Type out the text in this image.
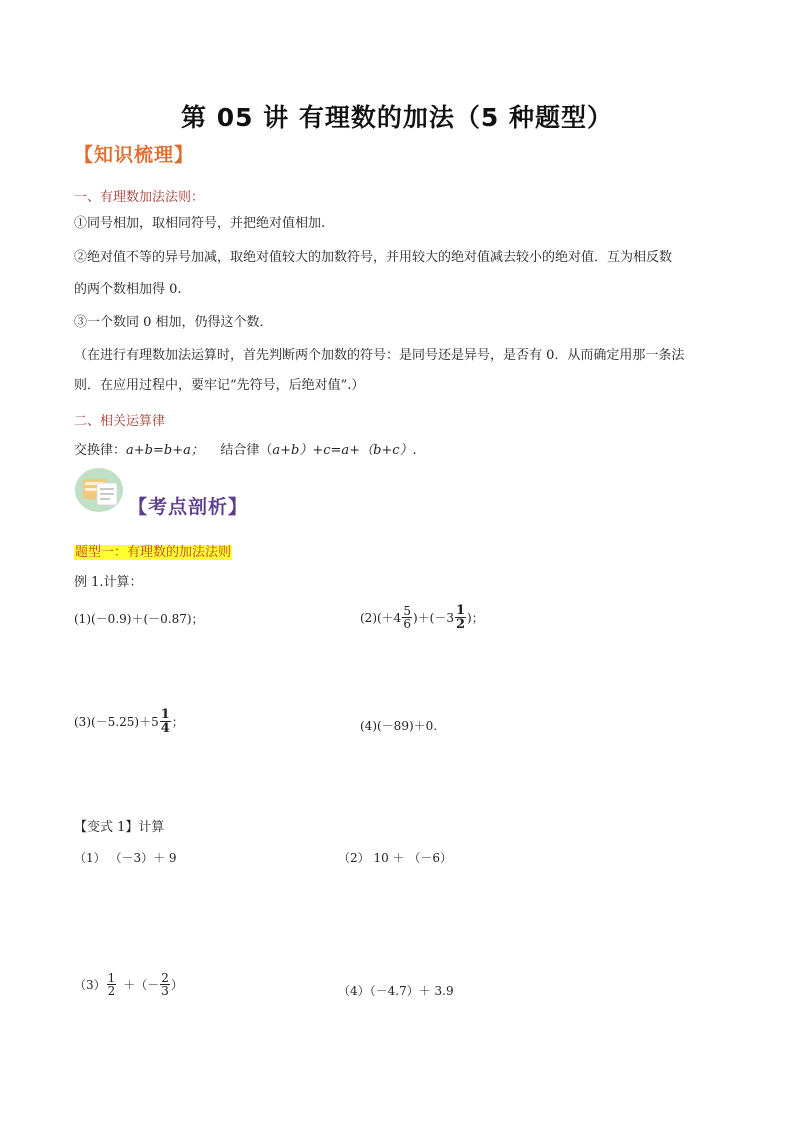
第 05 讲 有理数的加法（5 种题型）
【知识梳理】
一、有理数加法法则：
①同号相加，取相同符号，并把绝对值相加.
②绝对值不等的异号加减，取绝对值较大的加数符号，并用较大的绝对值减去较小的绝对值．互为相反数
的两个数相加得 0.
③一个数同 0 相加，仍得这个数．
（在进行有理数加法运算时，首先判断两个加数的符号：是同号还是异号，是否有 0．从而确定用那一条法
则．在应用过程中，要牢记“先符号，后绝对值”.）
二、相关运算律
交换律：a+b=b+a； 结合律（a+b）+c=a+（b+c）.
【考点剖析】
题型一：有理数的加法法则
例 1.计算：
(1)(－0.9)＋(－0.87)；	$(2)(+4 \frac{5}{6} )+(-3 \frac{1}{2}$ )；
$(3)(-5.25)+5 \frac{1}{4}$ ；	(4)(－89)＋0.
【变式 1】计算
（1） （－3）＋ 9	（2） 10 ＋ （－6）
$(3) \frac{1}{2}$ ＋（－ $\frac{2}{3}$ ）	（4）（－4.7）＋ 3.9
